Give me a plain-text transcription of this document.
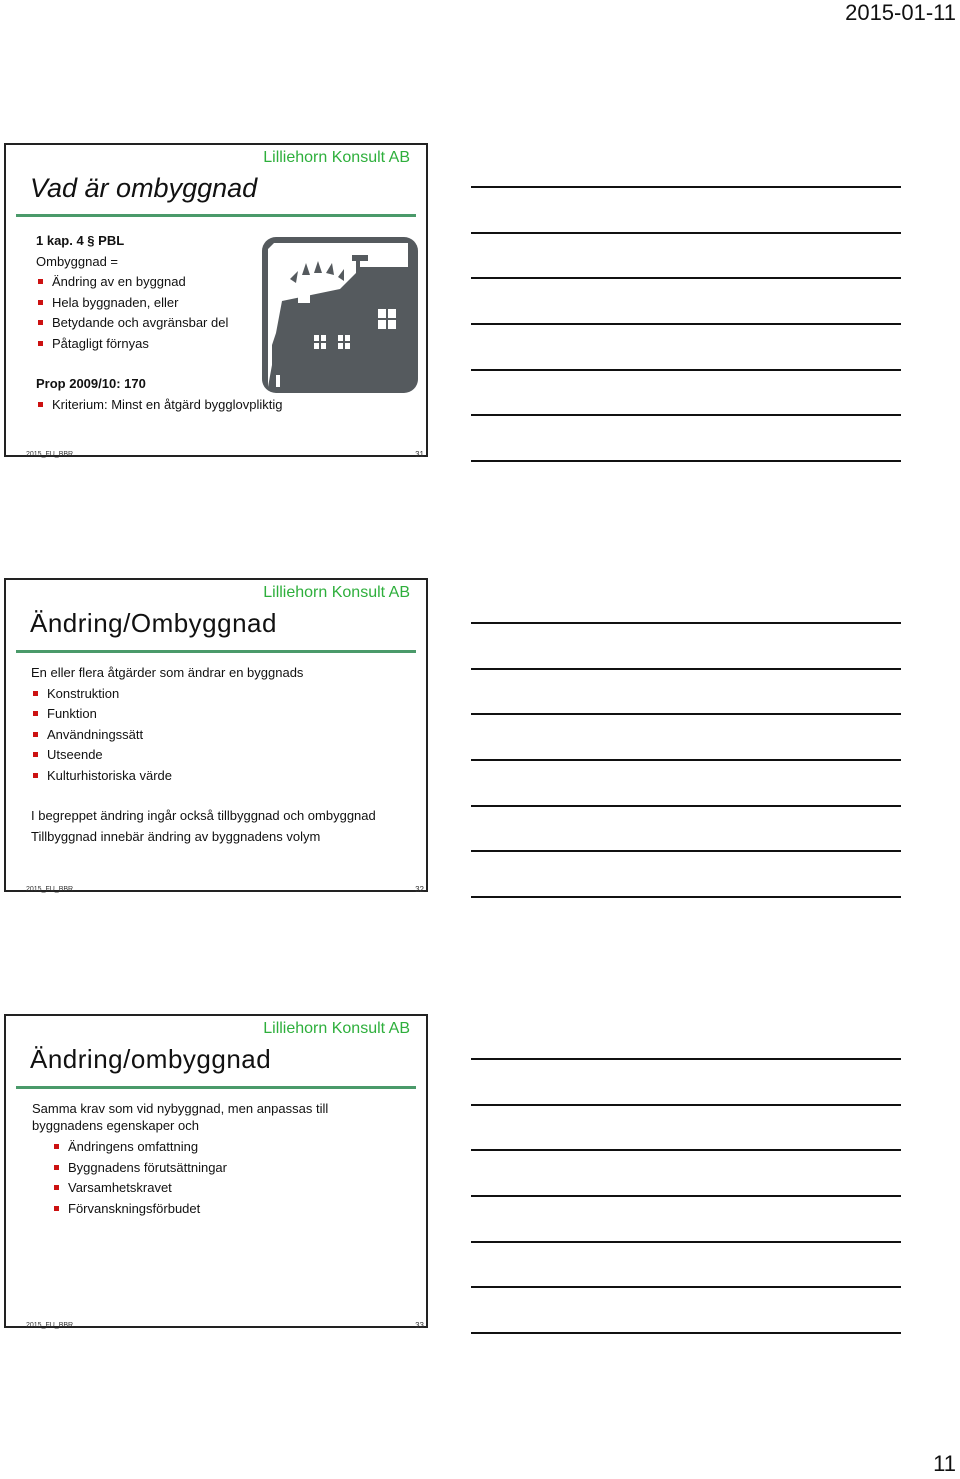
2015-01-11
Lilliehorn Konsult AB
Vad är ombyggnad
1 kap. 4 § PBL
Ombyggnad =
Ändring av en byggnad
Hela byggnaden, eller
Betydande och avgränsbar del
Påtagligt förnyas
Prop 2009/10: 170
Kriterium: Minst en åtgärd bygglovpliktig
2015_FU_BBR	31
Lilliehorn Konsult AB
Ändring/Ombyggnad
En eller flera åtgärder som ändrar en byggnads
Konstruktion
Funktion
Användningssätt
Utseende
Kulturhistoriska värde
I begreppet ändring ingår också tillbyggnad och ombyggnad
Tillbyggnad innebär ändring av byggnadens volym
2015_FU_BBR	32
Lilliehorn Konsult AB
Ändring/ombyggnad
Samma krav som vid nybyggnad, men anpassas till
byggnadens egenskaper och
Ändringens omfattning
Byggnadens förutsättningar
Varsamhetskravet
Förvanskningsförbudet
2015_FU_BBR	33
11
